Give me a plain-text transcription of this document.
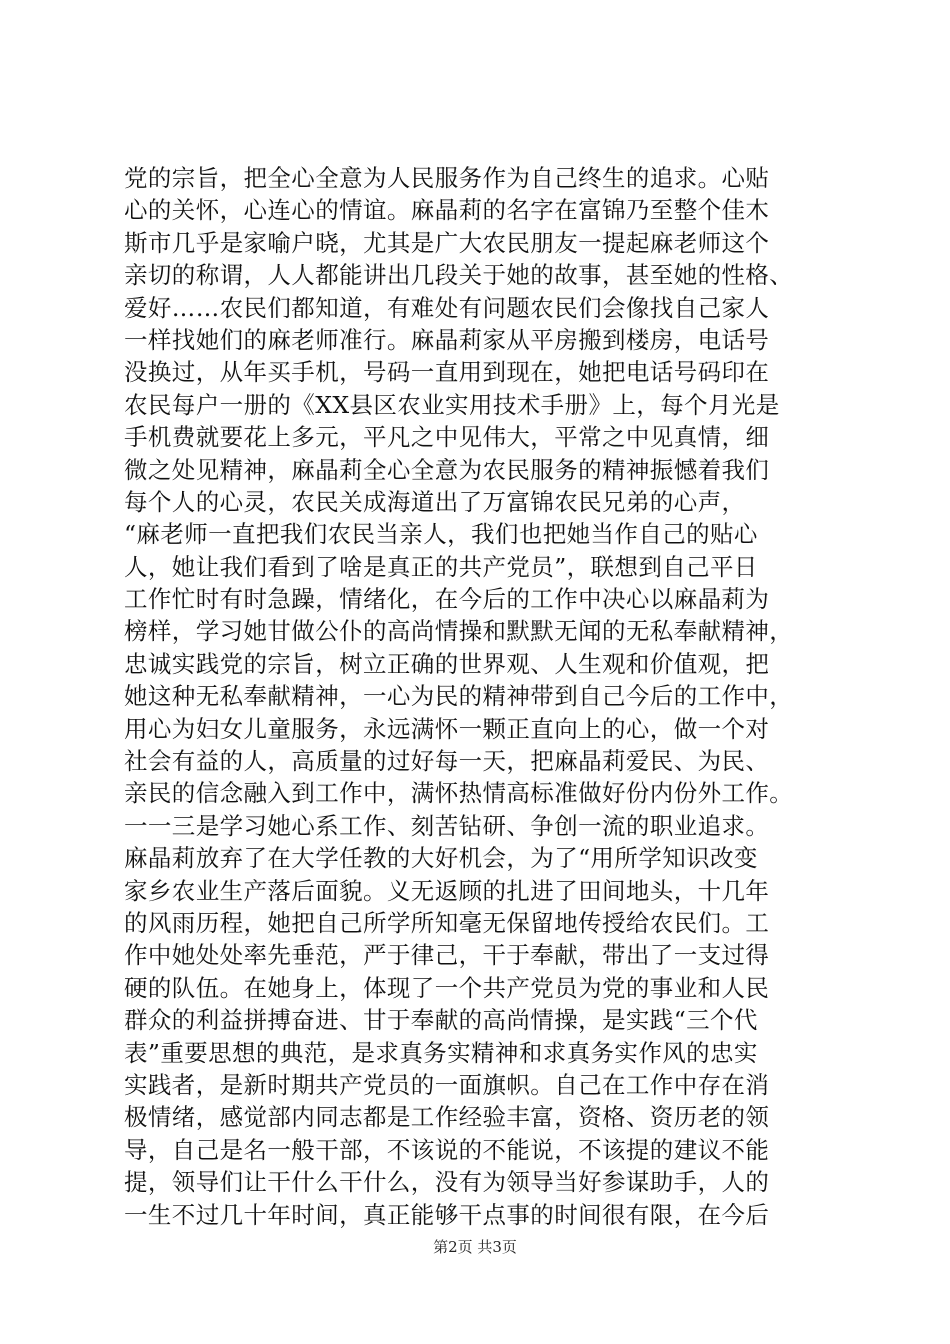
党的宗旨，把全心全意为人民服务作为自己终生的追求。心贴
心的关怀，心连心的情谊。麻晶莉的名字在富锦乃至整个佳木
斯市几乎是家喻户晓，尤其是广大农民朋友一提起麻老师这个
亲切的称谓，人人都能讲出几段关于她的故事，甚至她的性格、
爱好……农民们都知道，有难处有问题农民们会像找自己家人
一样找她们的麻老师准行。麻晶莉家从平房搬到楼房，电话号
没换过，从年买手机，号码一直用到现在，她把电话号码印在
农民每户一册的《XX县区农业实用技术手册》上，每个月光是
手机费就要花上多元，平凡之中见伟大，平常之中见真情，细
微之处见精神，麻晶莉全心全意为农民服务的精神振憾着我们
每个人的心灵，农民关成海道出了万富锦农民兄弟的心声，
“麻老师一直把我们农民当亲人，我们也把她当作自己的贴心
人，她让我们看到了啥是真正的共产党员”，联想到自己平日
工作忙时有时急躁，情绪化，在今后的工作中决心以麻晶莉为
榜样，学习她甘做公仆的高尚情操和默默无闻的无私奉献精神，
忠诚实践党的宗旨，树立正确的世界观、人生观和价值观，把
她这种无私奉献精神，一心为民的精神带到自己今后的工作中，
用心为妇女儿童服务，永远满怀一颗正直向上的心，做一个对
社会有益的人，高质量的过好每一天，把麻晶莉爱民、为民、
亲民的信念融入到工作中，满怀热情高标准做好份内份外工作。
一一三是学习她心系工作、刻苦钻研、争创一流的职业追求。
麻晶莉放弃了在大学任教的大好机会，为了“用所学知识改变
家乡农业生产落后面貌。义无返顾的扎进了田间地头，十几年
的风雨历程，她把自己所学所知毫无保留地传授给农民们。工
作中她处处率先垂范，严于律己，干于奉献，带出了一支过得
硬的队伍。在她身上，体现了一个共产党员为党的事业和人民
群众的利益拼搏奋进、甘于奉献的高尚情操，是实践“三个代
表”重要思想的典范，是求真务实精神和求真务实作风的忠实
实践者，是新时期共产党员的一面旗帜。自己在工作中存在消
极情绪，感觉部内同志都是工作经验丰富，资格、资历老的领
导，自己是名一般干部，不该说的不能说，不该提的建议不能
提，领导们让干什么干什么，没有为领导当好参谋助手，人的
一生不过几十年时间，真正能够干点事的时间很有限，在今后
第2页 共3页
